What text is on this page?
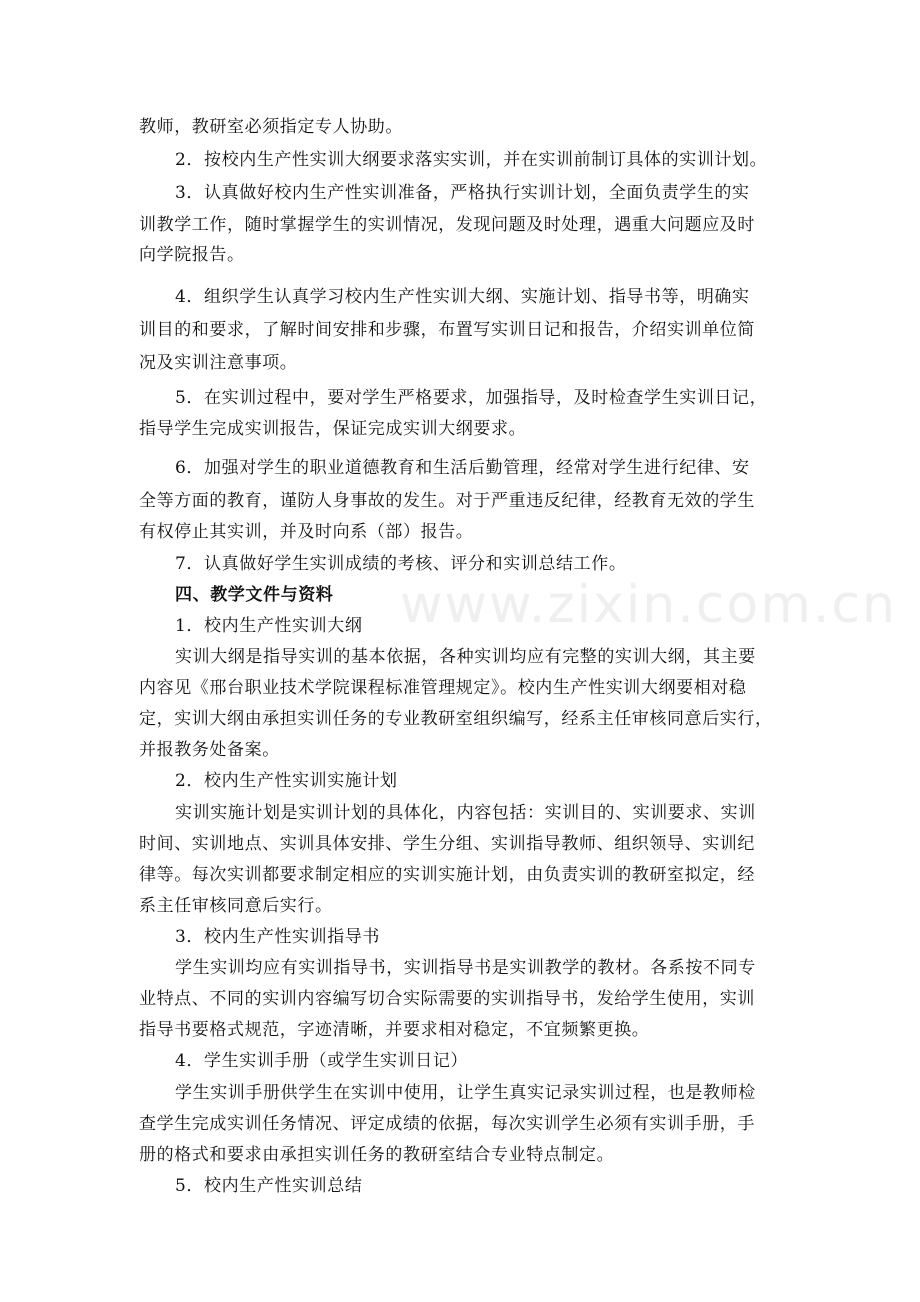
www.zixin.com.cn
教师，教研室必须指定专人协助。
2．按校内生产性实训大纲要求落实实训，并在实训前制订具体的实训计划。
3．认真做好校内生产性实训准备，严格执行实训计划，全面负责学生的实
训教学工作，随时掌握学生的实训情况，发现问题及时处理，遇重大问题应及时
向学院报告。
4．组织学生认真学习校内生产性实训大纲、实施计划、指导书等，明确实
训目的和要求，了解时间安排和步骤，布置写实训日记和报告，介绍实训单位简
况及实训注意事项。
5．在实训过程中，要对学生严格要求，加强指导，及时检查学生实训日记，
指导学生完成实训报告，保证完成实训大纲要求。
6．加强对学生的职业道德教育和生活后勤管理，经常对学生进行纪律、安
全等方面的教育，谨防人身事故的发生。对于严重违反纪律，经教育无效的学生
有权停止其实训，并及时向系（部）报告。
7．认真做好学生实训成绩的考核、评分和实训总结工作。
四、教学文件与资料
1．校内生产性实训大纲
实训大纲是指导实训的基本依据，各种实训均应有完整的实训大纲，其主要
内容见《邢台职业技术学院课程标准管理规定》。校内生产性实训大纲要相对稳
定，实训大纲由承担实训任务的专业教研室组织编写，经系主任审核同意后实行，
并报教务处备案。
2．校内生产性实训实施计划
实训实施计划是实训计划的具体化，内容包括：实训目的、实训要求、实训
时间、实训地点、实训具体安排、学生分组、实训指导教师、组织领导、实训纪
律等。每次实训都要求制定相应的实训实施计划，由负责实训的教研室拟定，经
系主任审核同意后实行。
3．校内生产性实训指导书
学生实训均应有实训指导书，实训指导书是实训教学的教材。各系按不同专
业特点、不同的实训内容编写切合实际需要的实训指导书，发给学生使用，实训
指导书要格式规范，字迹清晰，并要求相对稳定，不宜频繁更换。
4．学生实训手册（或学生实训日记）
学生实训手册供学生在实训中使用，让学生真实记录实训过程，也是教师检
查学生完成实训任务情况、评定成绩的依据，每次实训学生必须有实训手册，手
册的格式和要求由承担实训任务的教研室结合专业特点制定。
5．校内生产性实训总结
